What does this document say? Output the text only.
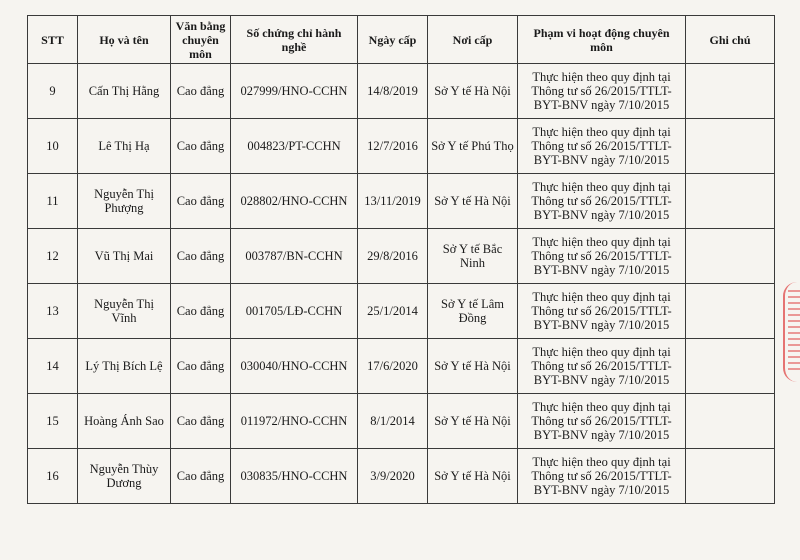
STT	Họ và tên	Văn bằng chuyên môn	Số chứng chỉ hành nghề	Ngày cấp	Nơi cấp	Phạm vi hoạt động chuyên môn	Ghi chú
9	Cấn Thị Hằng	Cao đẳng	027999/HNO-CCHN	14/8/2019	Sở Y tế Hà Nội	Thực hiện theo quy định tại Thông tư số 26/2015/TTLT-BYT-BNV ngày 7/10/2015	
10	Lê Thị Hạ	Cao đẳng	004823/PT-CCHN	12/7/2016	Sở Y tế Phú Thọ	Thực hiện theo quy định tại Thông tư số 26/2015/TTLT-BYT-BNV ngày 7/10/2015	
11	Nguyễn Thị Phượng	Cao đẳng	028802/HNO-CCHN	13/11/2019	Sở Y tế Hà Nội	Thực hiện theo quy định tại Thông tư số 26/2015/TTLT-BYT-BNV ngày 7/10/2015	
12	Vũ Thị Mai	Cao đẳng	003787/BN-CCHN	29/8/2016	Sở Y tế Bắc Ninh	Thực hiện theo quy định tại Thông tư số 26/2015/TTLT-BYT-BNV ngày 7/10/2015	
13	Nguyễn Thị Vĩnh	Cao đẳng	001705/LĐ-CCHN	25/1/2014	Sở Y tế Lâm Đồng	Thực hiện theo quy định tại Thông tư số 26/2015/TTLT-BYT-BNV ngày 7/10/2015	
14	Lý Thị Bích Lệ	Cao đẳng	030040/HNO-CCHN	17/6/2020	Sở Y tế Hà Nội	Thực hiện theo quy định tại Thông tư số 26/2015/TTLT-BYT-BNV ngày 7/10/2015	
15	Hoàng Ánh Sao	Cao đẳng	011972/HNO-CCHN	8/1/2014	Sở Y tế Hà Nội	Thực hiện theo quy định tại Thông tư số 26/2015/TTLT-BYT-BNV ngày 7/10/2015	
16	Nguyễn Thùy Dương	Cao đẳng	030835/HNO-CCHN	3/9/2020	Sở Y tế Hà Nội	Thực hiện theo quy định tại Thông tư số 26/2015/TTLT-BYT-BNV ngày 7/10/2015	
